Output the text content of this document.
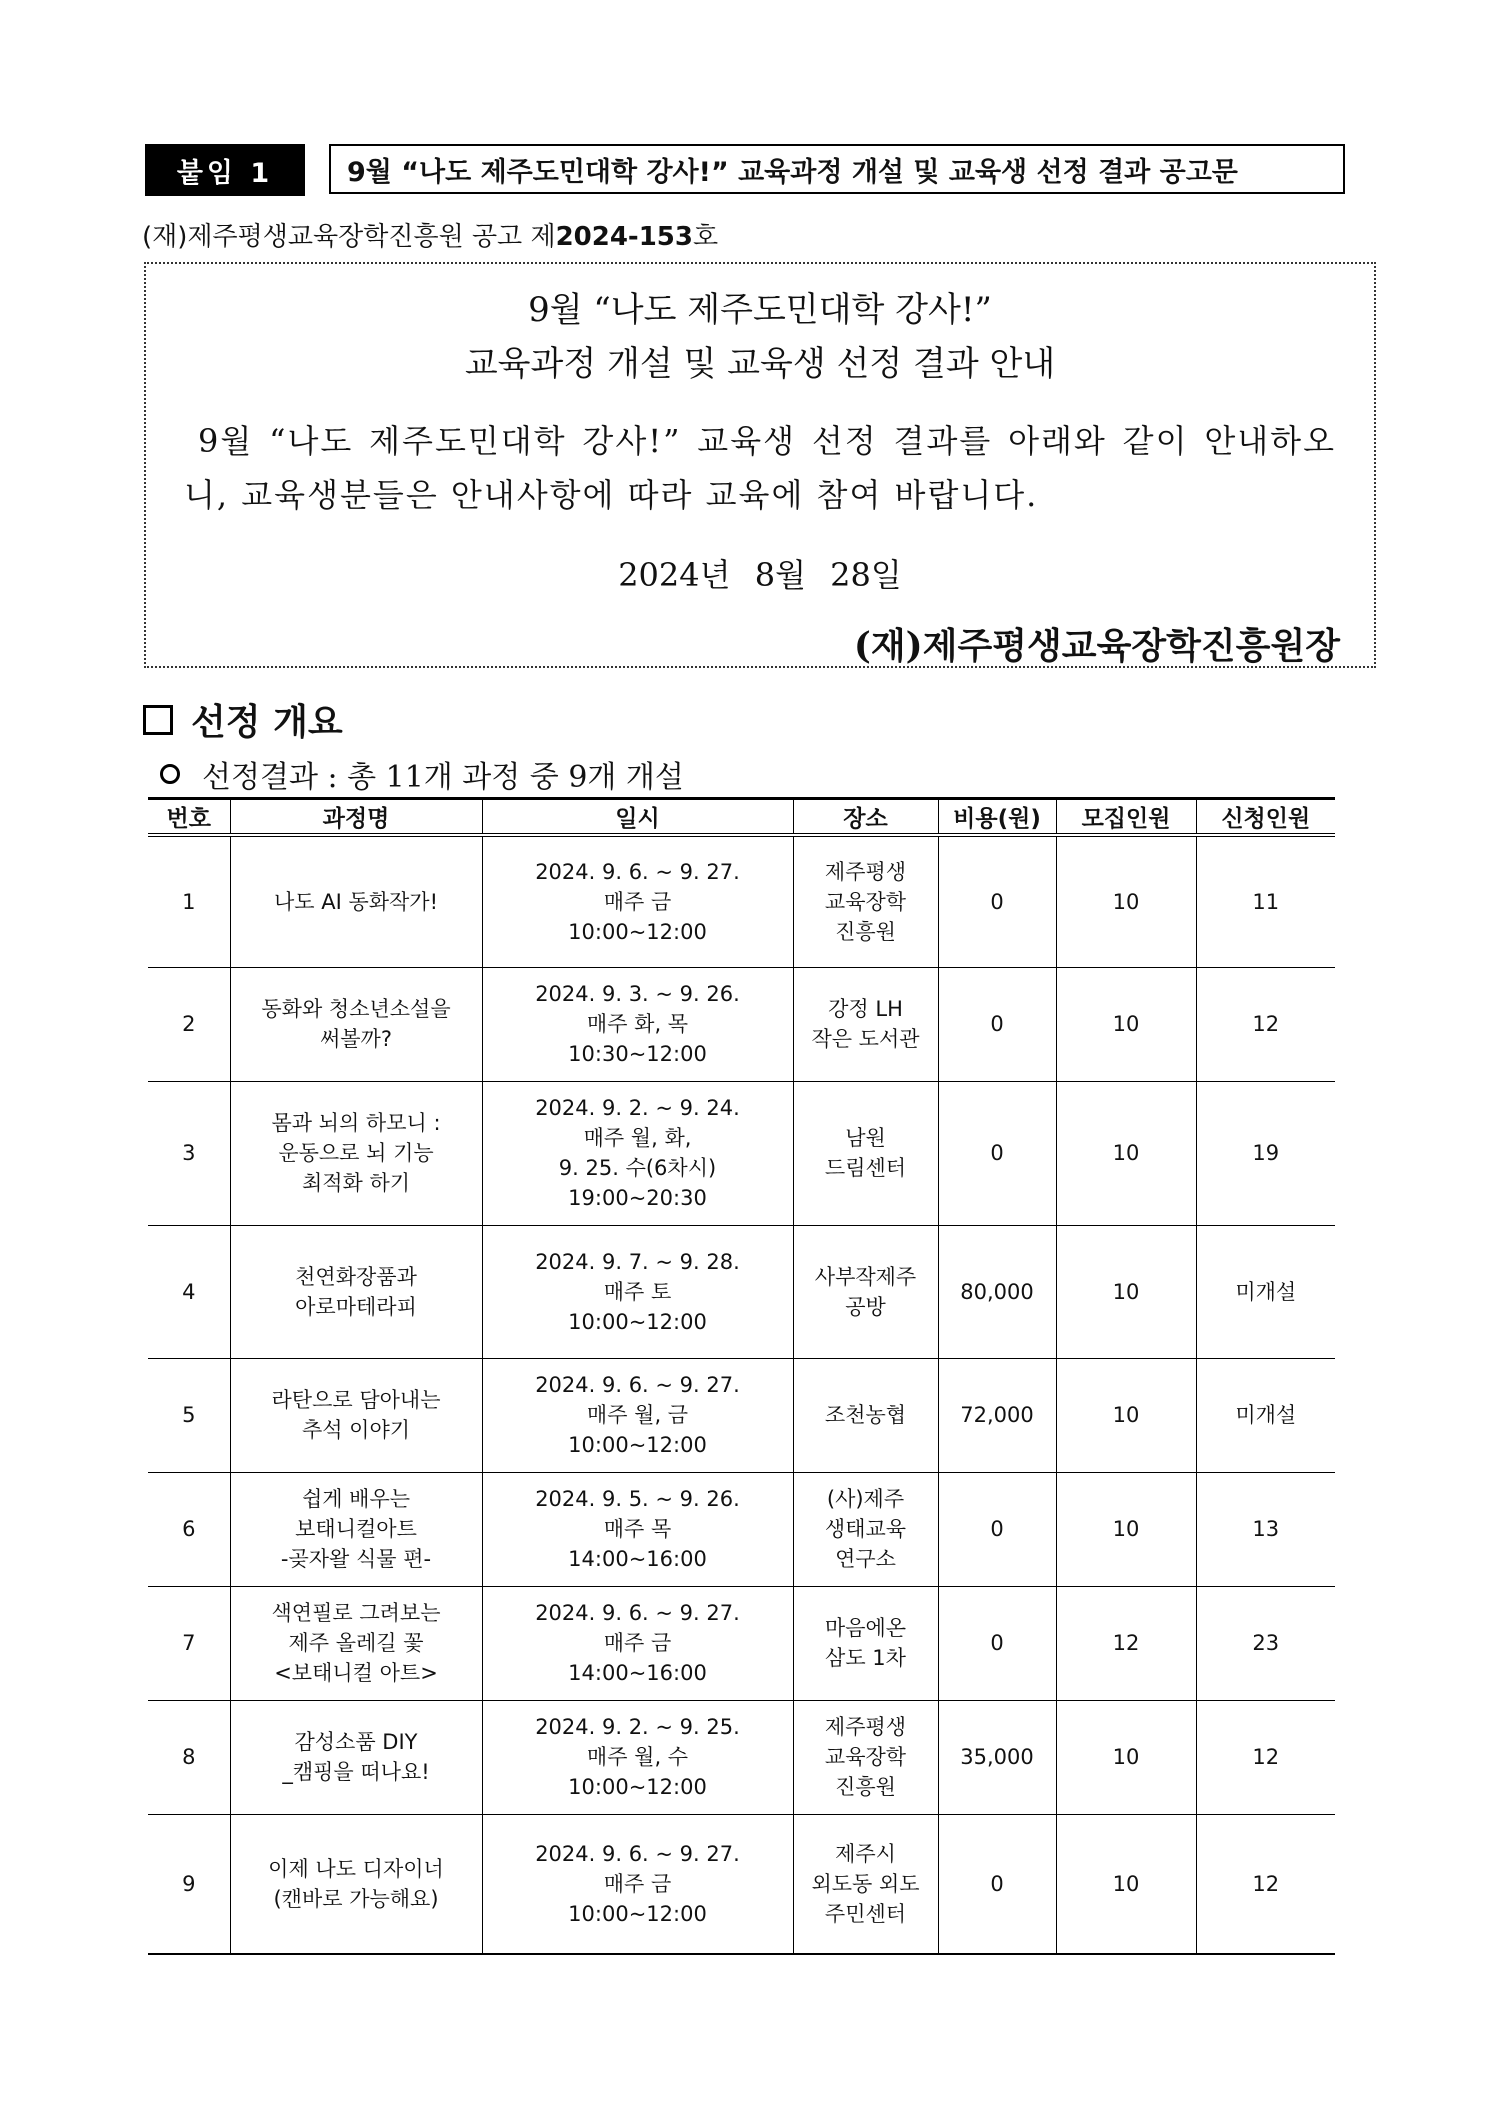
붙임 1	9월 “나도 제주도민대학 강사!” 교육과정 개설 및 교육생 선정 결과 공고문
(재)제주평생교육장학진흥원 공고 제2024-153호
9월 “나도 제주도민대학 강사!”
교육과정 개설 및 교육생 선정 결과 안내
9월 “나도 제주도민대학 강사!” 교육생 선정 결과를 아래와 같이 안내하오니, 교육생분들은 안내사항에 따라 교육에 참여 바랍니다.
2024년 8월 28일
(재)제주평생교육장학진흥원장
선정 개요
선정결과 : 총 11개 과정 중 9개 개설
번호	과정명	일시	장소	비용(원)	모집인원	신청인원
1	나도 AI 동화작가!	2024. 9. 6. ~ 9. 27.
매주 금
10:00~12:00	제주평생
교육장학
진흥원	0	10	11
2	동화와 청소년소설을
써볼까?	2024. 9. 3. ~ 9. 26.
매주 화, 목
10:30~12:00	강정 LH
작은 도서관	0	10	12
3	몸과 뇌의 하모니 :
운동으로 뇌 기능
최적화 하기	2024. 9. 2. ~ 9. 24.
매주 월, 화,
9. 25. 수(6차시)
19:00~20:30	남원
드림센터	0	10	19
4	천연화장품과
아로마테라피	2024. 9. 7. ~ 9. 28.
매주 토
10:00~12:00	사부작제주
공방	80,000	10	미개설
5	라탄으로 담아내는
추석 이야기	2024. 9. 6. ~ 9. 27.
매주 월, 금
10:00~12:00	조천농협	72,000	10	미개설
6	쉽게 배우는
보태니컬아트
-곶자왈 식물 편-	2024. 9. 5. ~ 9. 26.
매주 목
14:00~16:00	(사)제주
생태교육
연구소	0	10	13
7	색연필로 그려보는
제주 올레길 꽃
<보태니컬 아트>	2024. 9. 6. ~ 9. 27.
매주 금
14:00~16:00	마음에온
삼도 1차	0	12	23
8	감성소품 DIY
_캠핑을 떠나요!	2024. 9. 2. ~ 9. 25.
매주 월, 수
10:00~12:00	제주평생
교육장학
진흥원	35,000	10	12
9	이제 나도 디자이너
(캔바로 가능해요)	2024. 9. 6. ~ 9. 27.
매주 금
10:00~12:00	제주시
외도동 외도
주민센터	0	10	12
